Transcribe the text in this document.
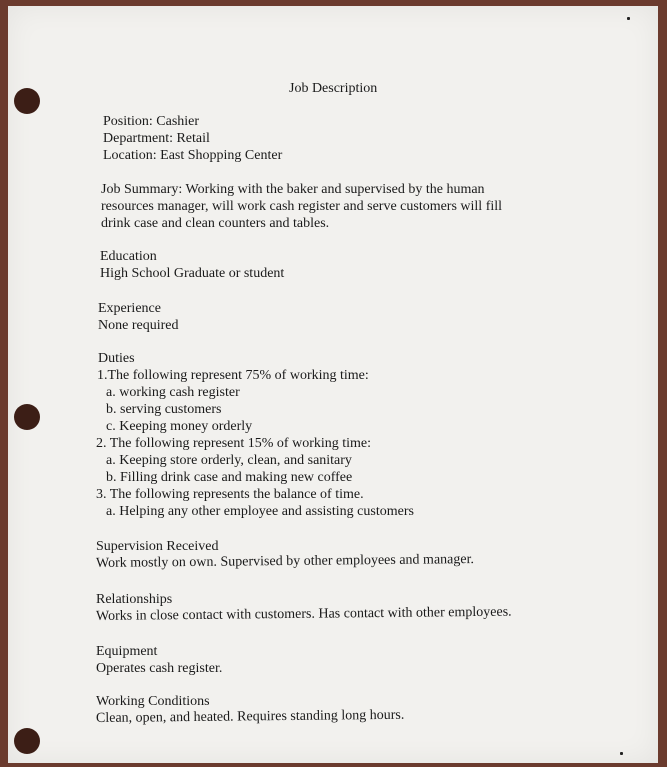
Job Description
Position: Cashier
Department: Retail
Location: East Shopping Center
Job Summary: Working with the baker and supervised by the human
resources manager, will work cash register and serve customers will fill
drink case and clean counters and tables.
Education
High School Graduate or student
Experience
None required
Duties
1.The following represent 75% of working time:
a. working cash register
b. serving customers
c. Keeping money orderly
2. The following represent 15% of working time:
a. Keeping store orderly, clean, and sanitary
b. Filling drink case and making new coffee
3. The following represents the balance of time.
a. Helping any other employee and assisting customers
Supervision Received
Work mostly on own. Supervised by other employees and manager.
Relationships
Works in close contact with customers. Has contact with other employees.
Equipment
Operates cash register.
Working Conditions
Clean, open, and heated. Requires standing long hours.
